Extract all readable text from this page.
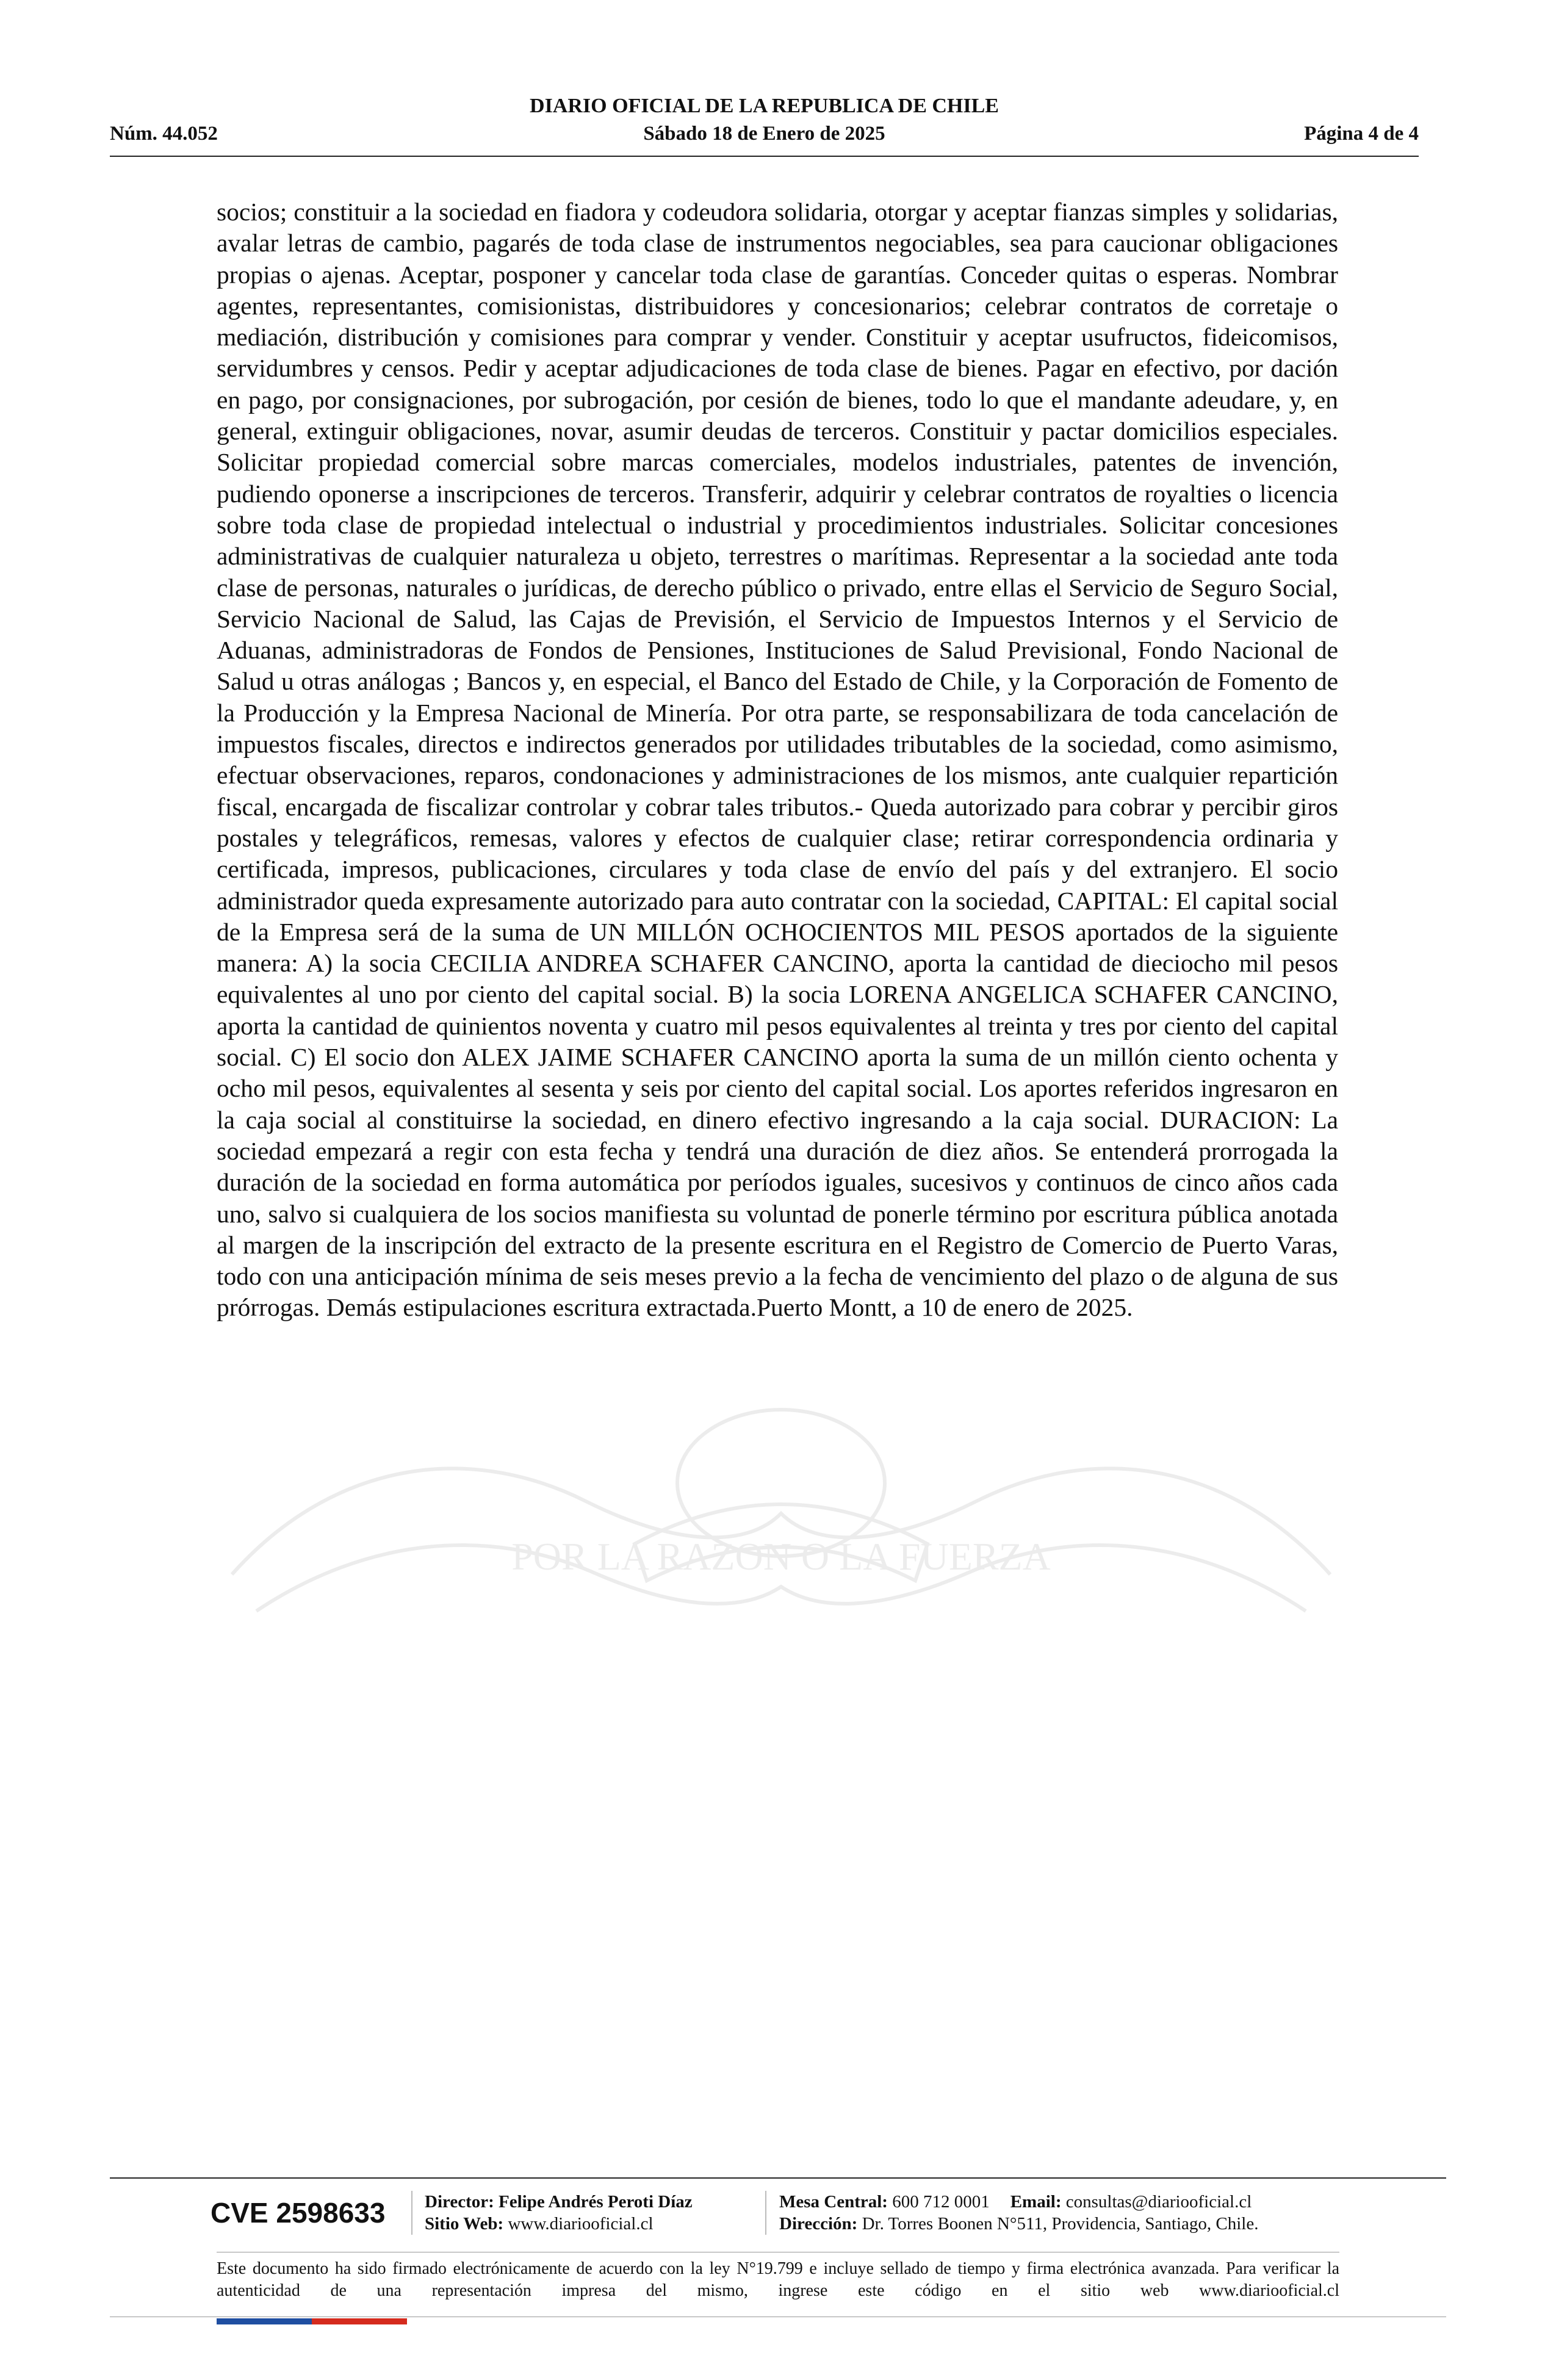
DIARIO OFICIAL DE LA REPUBLICA DE CHILE
Núm. 44.052	Sábado 18 de Enero de 2025	Página 4 de 4
POR LA RAZON O LA FUERZA
socios; constituir a la sociedad en fiadora y codeudora solidaria, otorgar y aceptar fianzas simples y solidarias, avalar letras de cambio, pagarés de toda clase de instrumentos negociables, sea para caucionar obligaciones propias o ajenas. Aceptar, posponer y cancelar toda clase de garantías. Conceder quitas o esperas. Nombrar agentes, representantes, comisionistas, distribuidores y concesionarios; celebrar contratos de corretaje o mediación, distribución y comisiones para comprar y vender. Constituir y aceptar usufructos, fideicomisos, servidumbres y censos. Pedir y aceptar adjudicaciones de toda clase de bienes. Pagar en efectivo, por dación en pago, por consignaciones, por subrogación, por cesión de bienes, todo lo que el mandante adeudare, y, en general, extinguir obligaciones, novar, asumir deudas de terceros. Constituir y pactar domicilios especiales. Solicitar propiedad comercial sobre marcas comerciales, modelos industriales, patentes de invención, pudiendo oponerse a inscripciones de terceros. Transferir, adquirir y celebrar contratos de royalties o licencia sobre toda clase de propiedad intelectual o industrial y procedimientos industriales. Solicitar concesiones administrativas de cualquier naturaleza u objeto, terrestres o marítimas. Representar a la sociedad ante toda clase de personas, naturales o jurídicas, de derecho público o privado, entre ellas el Servicio de Seguro Social, Servicio Nacional de Salud, las Cajas de Previsión, el Servicio de Impuestos Internos y el Servicio de Aduanas, administradoras de Fondos de Pensiones, Instituciones de Salud Previsional, Fondo Nacional de Salud u otras análogas ; Bancos y, en especial, el Banco del Estado de Chile, y la Corporación de Fomento de la Producción y la Empresa Nacional de Minería. Por otra parte, se responsabilizara de toda cancelación de impuestos fiscales, directos e indirectos generados por utilidades tributables de la sociedad, como asimismo, efectuar observaciones, reparos, condonaciones y administraciones de los mismos, ante cualquier repartición fiscal, encargada de fiscalizar controlar y cobrar tales tributos.- Queda autorizado para cobrar y percibir giros postales y telegráficos, remesas, valores y efectos de cualquier clase; retirar correspondencia ordinaria y certificada, impresos, publicaciones, circulares y toda clase de envío del país y del extranjero. El socio administrador queda expresamente autorizado para auto contratar con la sociedad, CAPITAL: El capital social de la Empresa será de la suma de UN MILLÓN OCHOCIENTOS MIL PESOS aportados de la siguiente manera: A) la socia CECILIA ANDREA SCHAFER CANCINO, aporta la cantidad de dieciocho mil pesos equivalentes al uno por ciento del capital social. B) la socia LORENA ANGELICA SCHAFER CANCINO, aporta la cantidad de quinientos noventa y cuatro mil pesos equivalentes al treinta y tres por ciento del capital social. C) El socio don ALEX JAIME SCHAFER CANCINO aporta la suma de un millón ciento ochenta y ocho mil pesos, equivalentes al sesenta y seis por ciento del capital social. Los aportes referidos ingresaron en la caja social al constituirse la sociedad, en dinero efectivo ingresando a la caja social. DURACION: La sociedad empezará a regir con esta fecha y tendrá una duración de diez años. Se entenderá prorrogada la duración de la sociedad en forma automática por períodos iguales, sucesivos y continuos de cinco años cada uno, salvo si cualquiera de los socios manifiesta su voluntad de ponerle término por escritura pública anotada al margen de la inscripción del extracto de la presente escritura en el Registro de Comercio de Puerto Varas, todo con una anticipación mínima de seis meses previo a la fecha de vencimiento del plazo o de alguna de sus prórrogas. Demás estipulaciones escritura extractada.Puerto Montt, a 10 de enero de 2025.
CVE 2598633 Director: Felipe Andrés Peroti Díaz
Sitio Web: www.diariooficial.cl
Mesa Central: 600 712 0001 Email: consultas@diariooficial.cl
Dirección: Dr. Torres Boonen N°511, Providencia, Santiago, Chile.
Este documento ha sido firmado electrónicamente de acuerdo con la ley N°19.799 e incluye sellado de tiempo y firma electrónica avanzada. Para verificar la autenticidad de una representación impresa del mismo, ingrese este código en el sitio web www.diariooficial.cl
